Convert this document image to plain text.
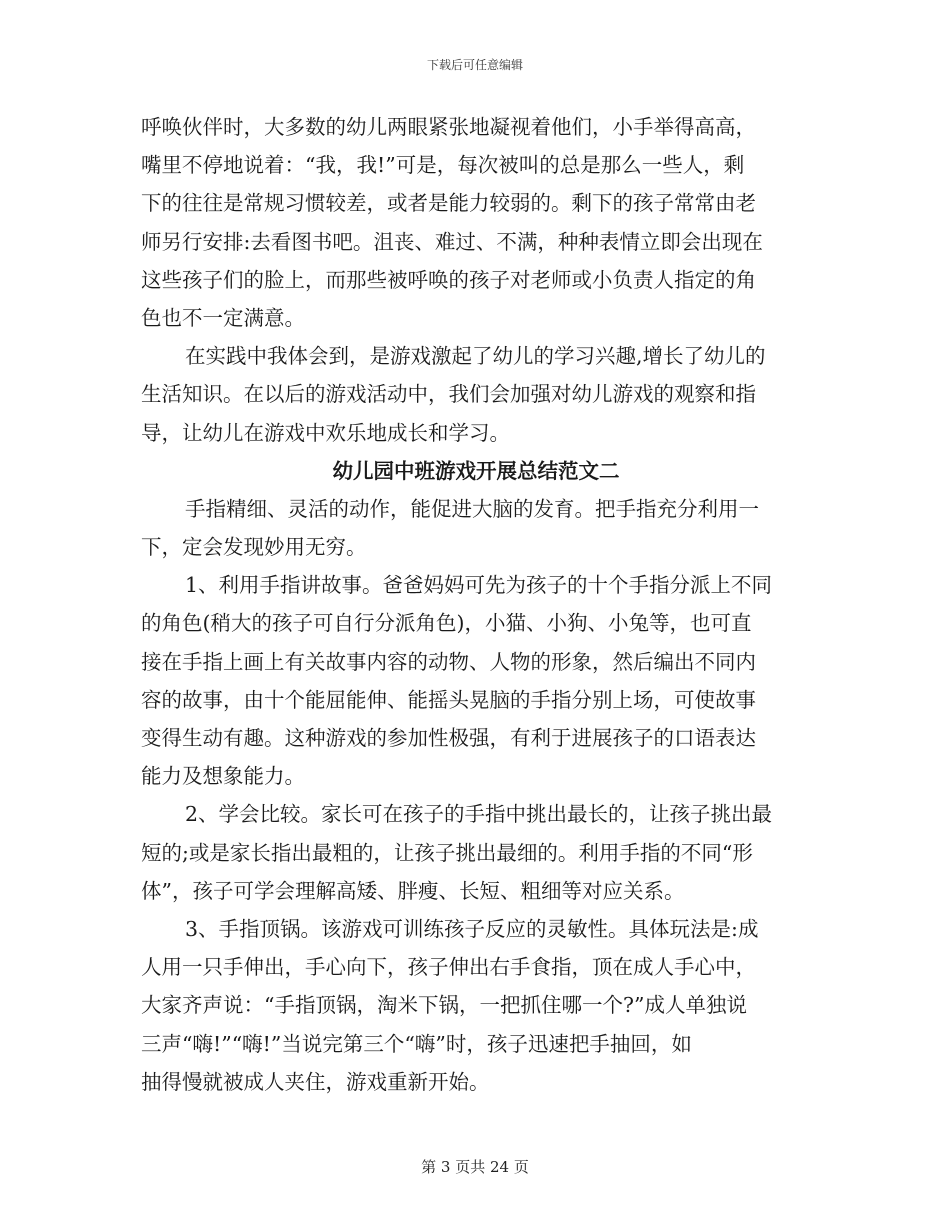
下载后可任意编辑
呼唤伙伴时，大多数的幼儿两眼紧张地凝视着他们，小手举得高高，
嘴里不停地说着：“我，我!”可是，每次被叫的总是那么一些人，剩
下的往往是常规习惯较差，或者是能力较弱的。剩下的孩子常常由老
师另行安排:去看图书吧。沮丧、难过、不满，种种表情立即会出现在
这些孩子们的脸上，而那些被呼唤的孩子对老师或小负责人指定的角
色也不一定满意。
在实践中我体会到，是游戏激起了幼儿的学习兴趣,增长了幼儿的
生活知识。在以后的游戏活动中，我们会加强对幼儿游戏的观察和指
导，让幼儿在游戏中欢乐地成长和学习。
幼儿园中班游戏开展总结范文二
手指精细、灵活的动作，能促进大脑的发育。把手指充分利用一
下，定会发现妙用无穷。
1、利用手指讲故事。爸爸妈妈可先为孩子的十个手指分派上不同
的角色(稍大的孩子可自行分派角色)，小猫、小狗、小兔等，也可直
接在手指上画上有关故事内容的动物、人物的形象，然后编出不同内
容的故事，由十个能屈能伸、能摇头晃脑的手指分别上场，可使故事
变得生动有趣。这种游戏的参加性极强，有利于进展孩子的口语表达
能力及想象能力。
2、学会比较。家长可在孩子的手指中挑出最长的，让孩子挑出最
短的;或是家长指出最粗的，让孩子挑出最细的。利用手指的不同“形
体”，孩子可学会理解高矮、胖瘦、长短、粗细等对应关系。
3、手指顶锅。该游戏可训练孩子反应的灵敏性。具体玩法是:成
人用一只手伸出，手心向下，孩子伸出右手食指，顶在成人手心中，
大家齐声说：“手指顶锅，淘米下锅，一把抓住哪一个?”成人单独说
三声“嗨!”“嗨!”当说完第三个“嗨”时，孩子迅速把手抽回，如
抽得慢就被成人夹住，游戏重新开始。
第 3 页共 24 页
